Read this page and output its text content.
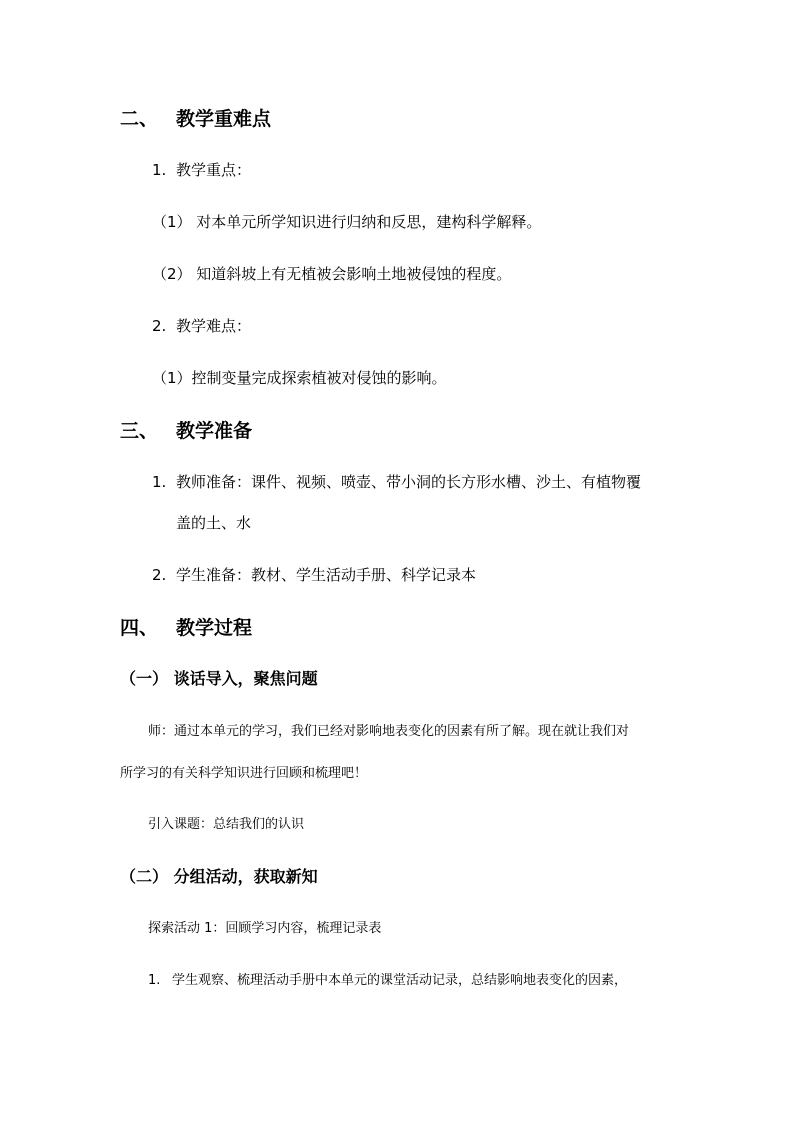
二、 教学重难点
1. 教学重点：
（1） 对本单元所学知识进行归纳和反思，建构科学解释。
（2） 知道斜坡上有无植被会影响土地被侵蚀的程度。
2. 教学难点：
（1）控制变量完成探索植被对侵蚀的影响。
三、 教学准备
1. 教师准备：课件、视频、喷壶、带小洞的长方形水槽、沙土、有植物覆
盖的土、水
2. 学生准备：教材、学生活动手册、科学记录本
四、 教学过程
（一） 谈话导入，聚焦问题
师：通过本单元的学习，我们已经对影响地表变化的因素有所了解。现在就让我们对
所学习的有关科学知识进行回顾和梳理吧！
引入课题：总结我们的认识
（二） 分组活动，获取新知
探索活动 1：回顾学习内容，梳理记录表
1. 学生观察、梳理活动手册中本单元的课堂活动记录，总结影响地表变化的因素，
